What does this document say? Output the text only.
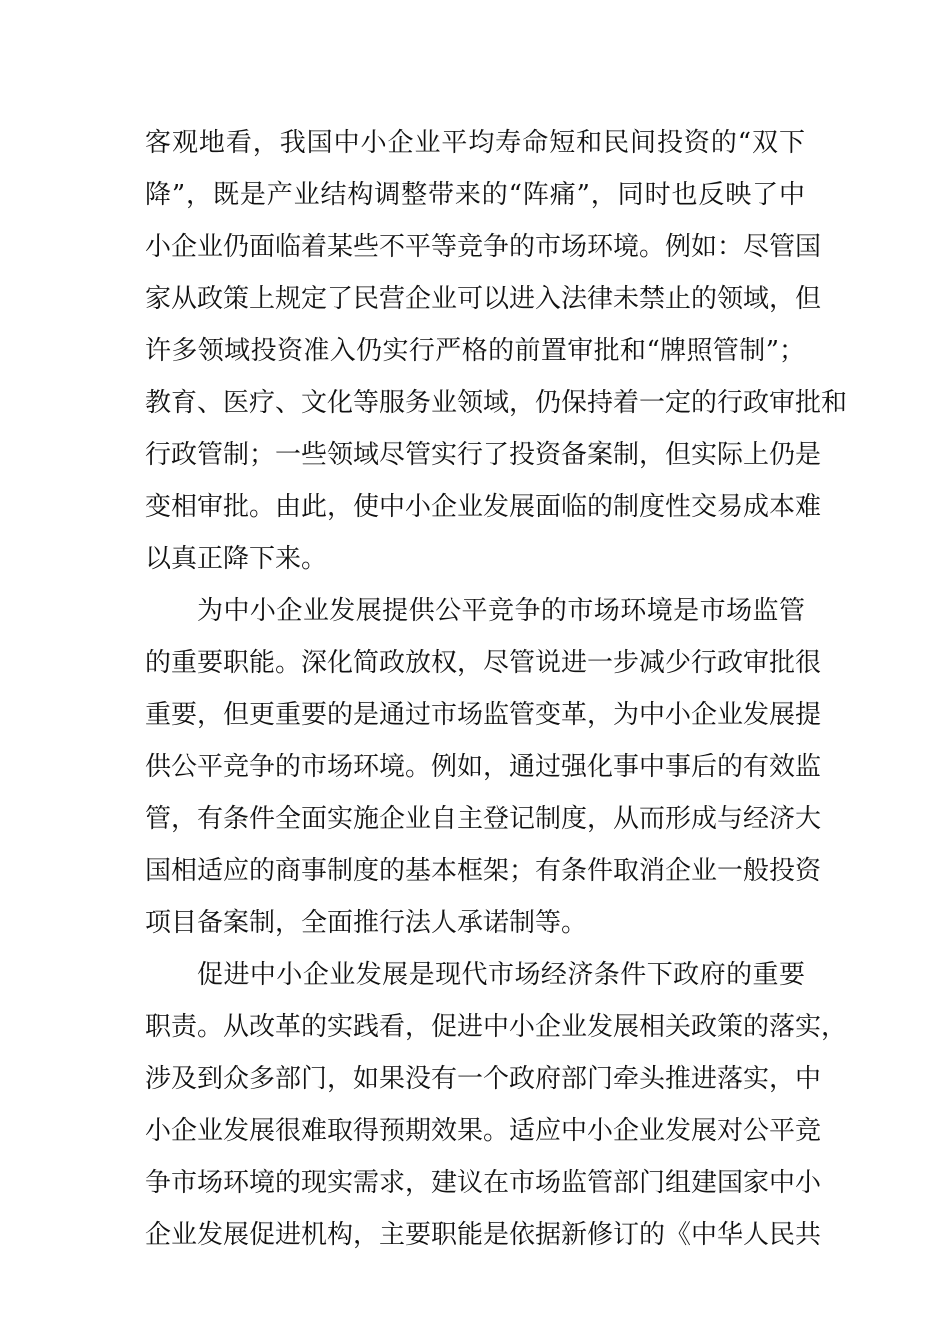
客观地看，我国中小企业平均寿命短和民间投资的“双下
降”，既是产业结构调整带来的“阵痛”，同时也反映了中
小企业仍面临着某些不平等竞争的市场环境。例如：尽管国
家从政策上规定了民营企业可以进入法律未禁止的领域，但
许多领域投资准入仍实行严格的前置审批和“牌照管制”；
教育、医疗、文化等服务业领域，仍保持着一定的行政审批和
行政管制；一些领域尽管实行了投资备案制，但实际上仍是
变相审批。由此，使中小企业发展面临的制度性交易成本难
以真正降下来。
为中小企业发展提供公平竞争的市场环境是市场监管
的重要职能。深化简政放权，尽管说进一步减少行政审批很
重要，但更重要的是通过市场监管变革，为中小企业发展提
供公平竞争的市场环境。例如，通过强化事中事后的有效监
管，有条件全面实施企业自主登记制度，从而形成与经济大
国相适应的商事制度的基本框架；有条件取消企业一般投资
项目备案制，全面推行法人承诺制等。
促进中小企业发展是现代市场经济条件下政府的重要
职责。从改革的实践看，促进中小企业发展相关政策的落实，
涉及到众多部门，如果没有一个政府部门牵头推进落实，中
小企业发展很难取得预期效果。适应中小企业发展对公平竞
争市场环境的现实需求，建议在市场监管部门组建国家中小
企业发展促进机构，主要职能是依据新修订的《中华人民共
